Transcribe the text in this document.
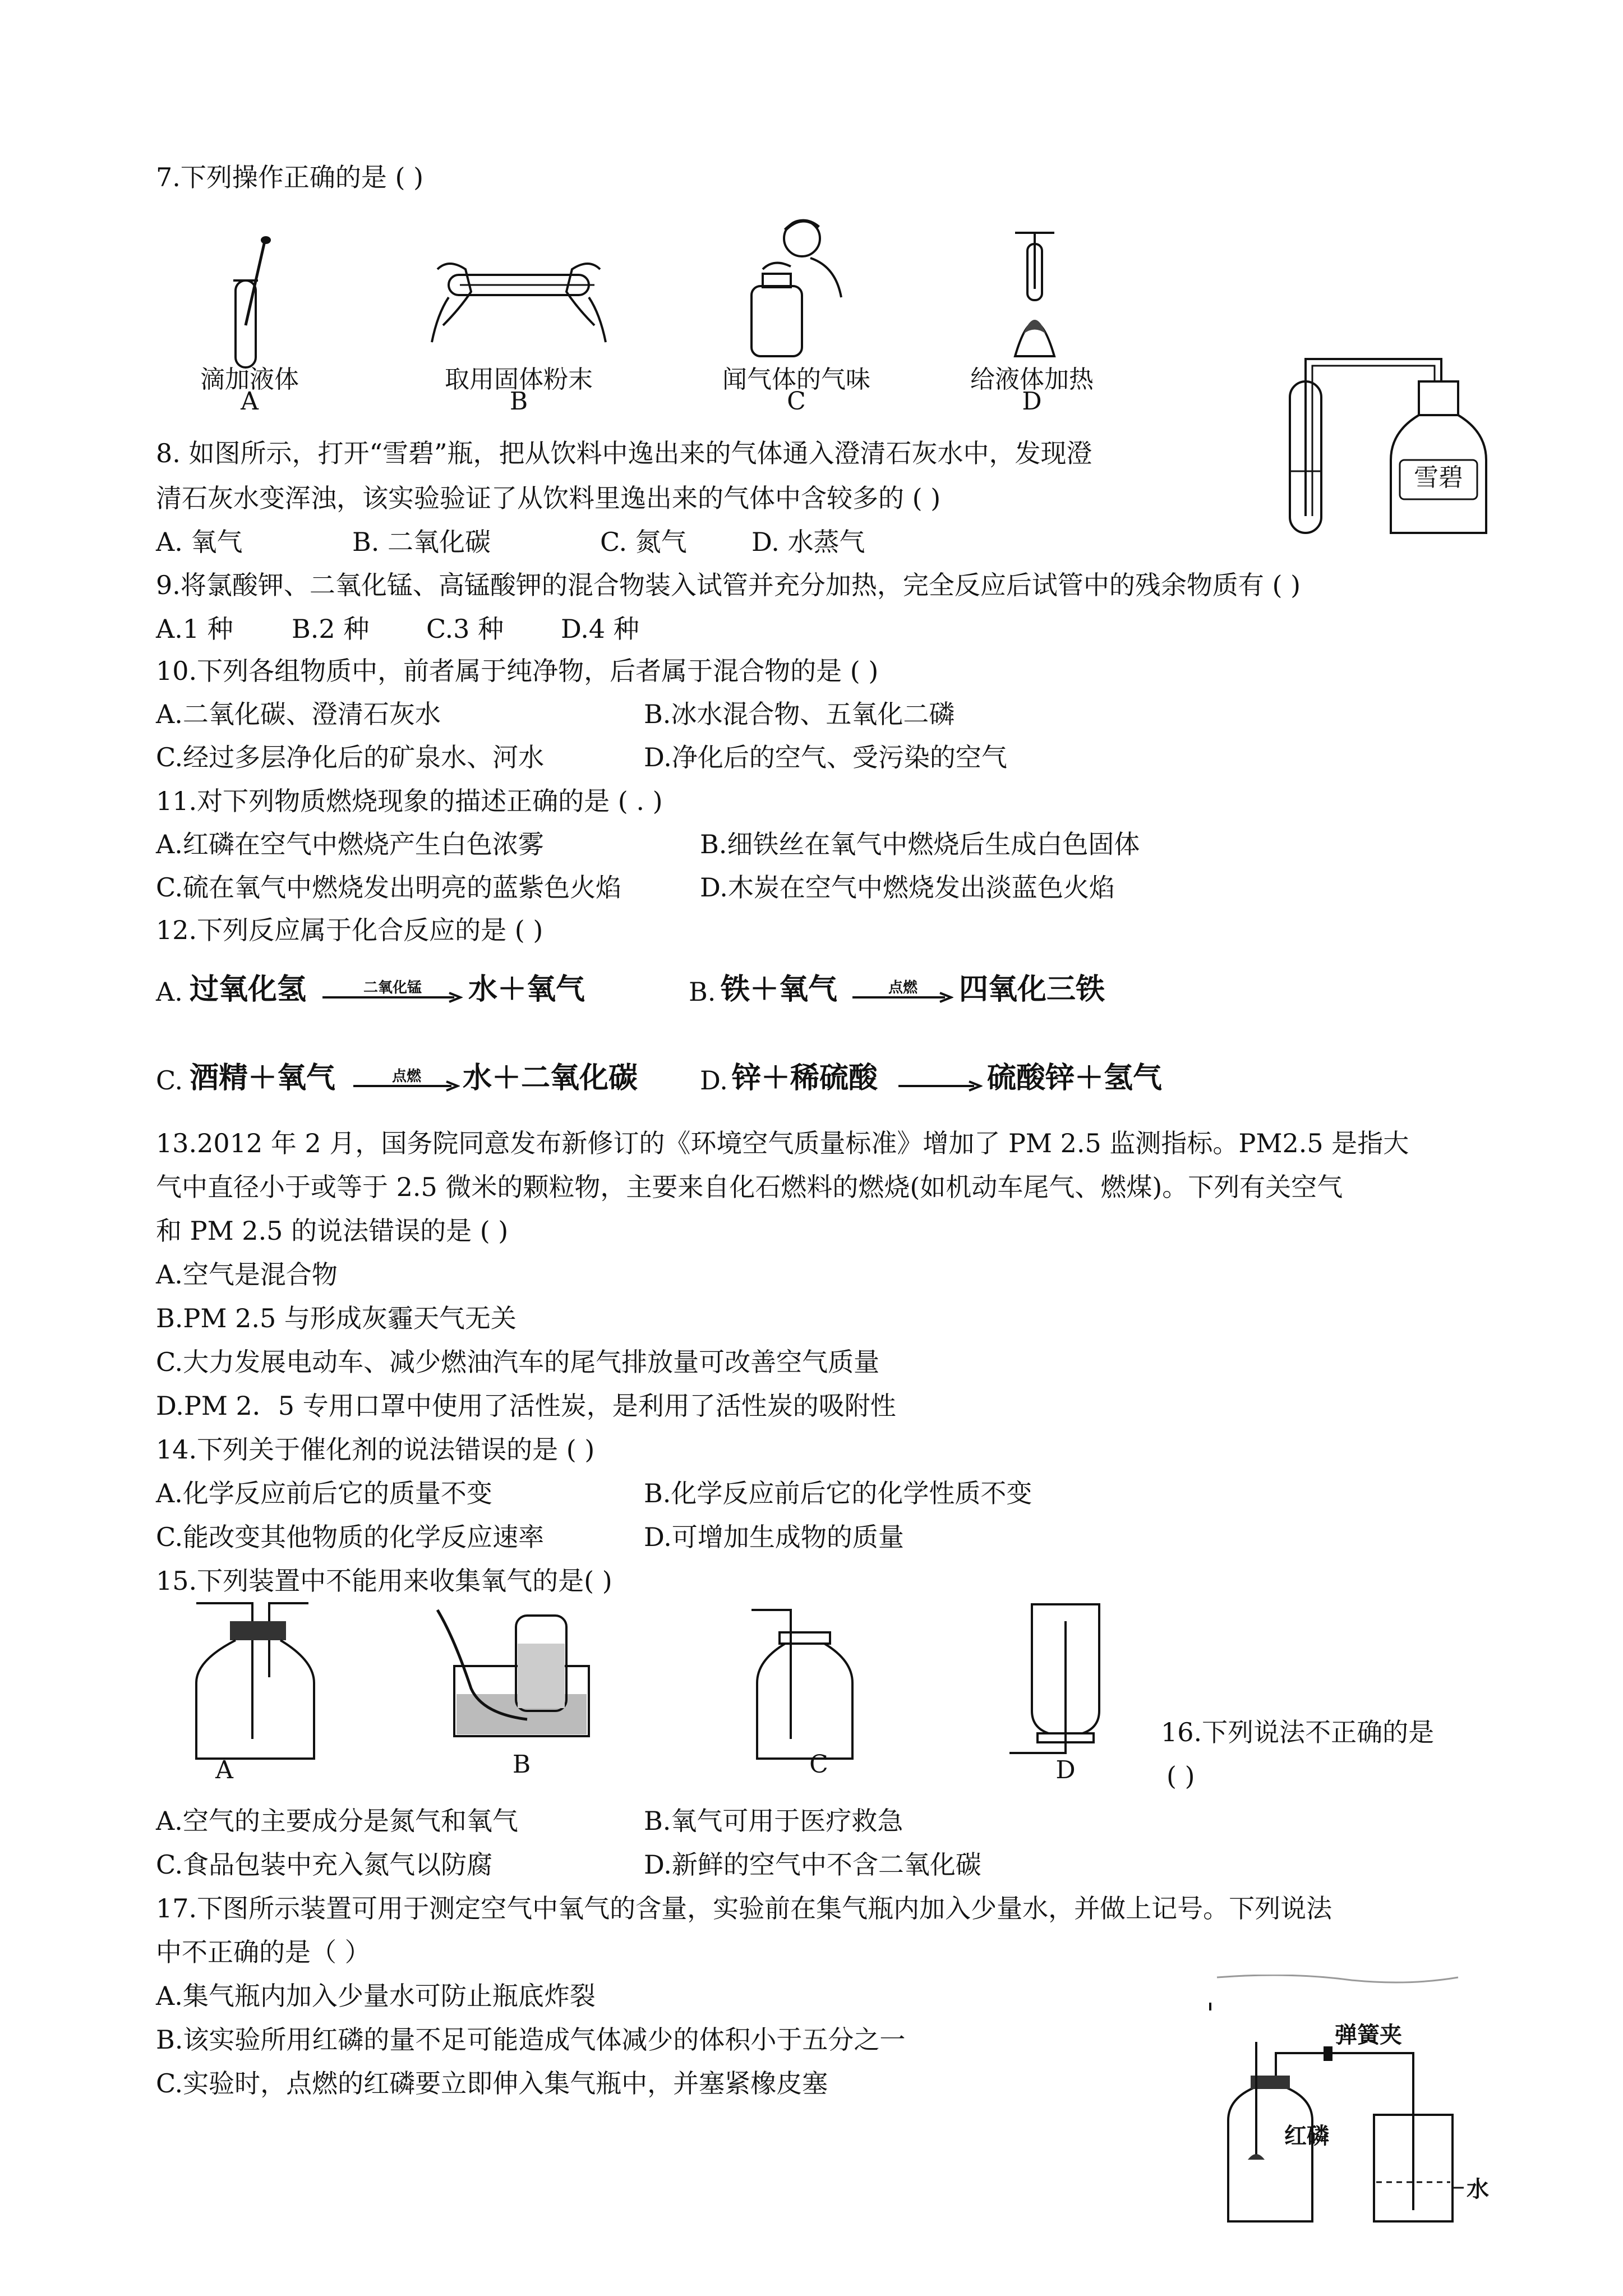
7.下列操作正确的是 ( )
滴加液体
A
取用固体粉末
B
闻气体的气味
C
给液体加热
D
雪碧
8. 如图所示，打开“雪碧”瓶，把从饮料中逸出来的气体通入澄清石灰水中，发现澄
清石灰水变浑浊，该实验验证了从饮料里逸出来的气体中含较多的 ( )
A. 氧气	B. 二氧化碳	C. 氮气	D. 水蒸气
9.将氯酸钾、二氧化锰、高锰酸钾的混合物装入试管并充分加热，完全反应后试管中的残余物质有 ( )
A.1 种 B.2 种 C.3 种 D.4 种
10.下列各组物质中，前者属于纯净物，后者属于混合物的是 ( )
A.二氧化碳、澄清石灰水	B.冰水混合物、五氧化二磷
C.经过多层净化后的矿泉水、河水	D.净化后的空气、受污染的空气
11.对下列物质燃烧现象的描述正确的是 ( . )
A.红磷在空气中燃烧产生白色浓雾	B.细铁丝在氧气中燃烧后生成白色固体
C.硫在氧气中燃烧发出明亮的蓝紫色火焰	D.木炭在空气中燃烧发出淡蓝色火焰
12.下列反应属于化合反应的是 ( )
A. 过氧化氢	二氧化锰	水＋氧气	B. 铁＋氧气	点燃	四氧化三铁
C. 酒精＋氧气	点燃	水＋二氧化碳 D. 锌＋稀硫酸	硫酸锌＋氢气
13.2012 年 2 月，国务院同意发布新修订的《环境空气质量标准》增加了 PM 2.5 监测指标。PM2.5 是指大
气中直径小于或等于 2.5 微米的颗粒物，主要来自化石燃料的燃烧(如机动车尾气、燃煤)。下列有关空气
和 PM 2.5 的说法错误的是 ( )
A.空气是混合物
B.PM 2.5 与形成灰霾天气无关
C.大力发展电动车、减少燃油汽车的尾气排放量可改善空气质量
D.PM 2．5 专用口罩中使用了活性炭，是利用了活性炭的吸附性
14.下列关于催化剂的说法错误的是 ( )
A.化学反应前后它的质量不变	B.化学反应前后它的化学性质不变
C.能改变其他物质的化学反应速率	D.可增加生成物的质量
15.下列装置中不能用来收集氧气的是( )
A	B	C	D
16.下列说法不正确的是
( )
A.空气的主要成分是氮气和氧气	B.氧气可用于医疗救急
C.食品包装中充入氮气以防腐	D.新鲜的空气中不含二氧化碳
17.下图所示装置可用于测定空气中氧气的含量，实验前在集气瓶内加入少量水，并做上记号。下列说法
中不正确的是（ ）
A.集气瓶内加入少量水可防止瓶底炸裂
B.该实验所用红磷的量不足可能造成气体减少的体积小于五分之一
C.实验时，点燃的红磷要立即伸入集气瓶中，并塞紧橡皮塞
弹簧夹
红磷
水
